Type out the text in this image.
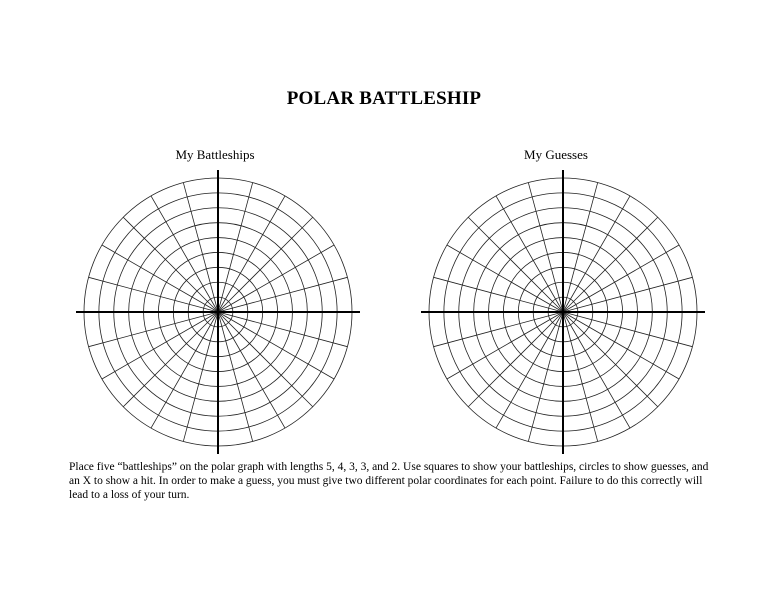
POLAR BATTLESHIP
My Battleships	My Guesses
Place five “battleships” on the polar graph with lengths 5, 4, 3, 3, and 2. Use squares to show your battleships, circles to show guesses, and an X to show a hit. In order to make a guess, you must give two different polar coordinates for each point. Failure to do this correctly will lead to a loss of your turn.
